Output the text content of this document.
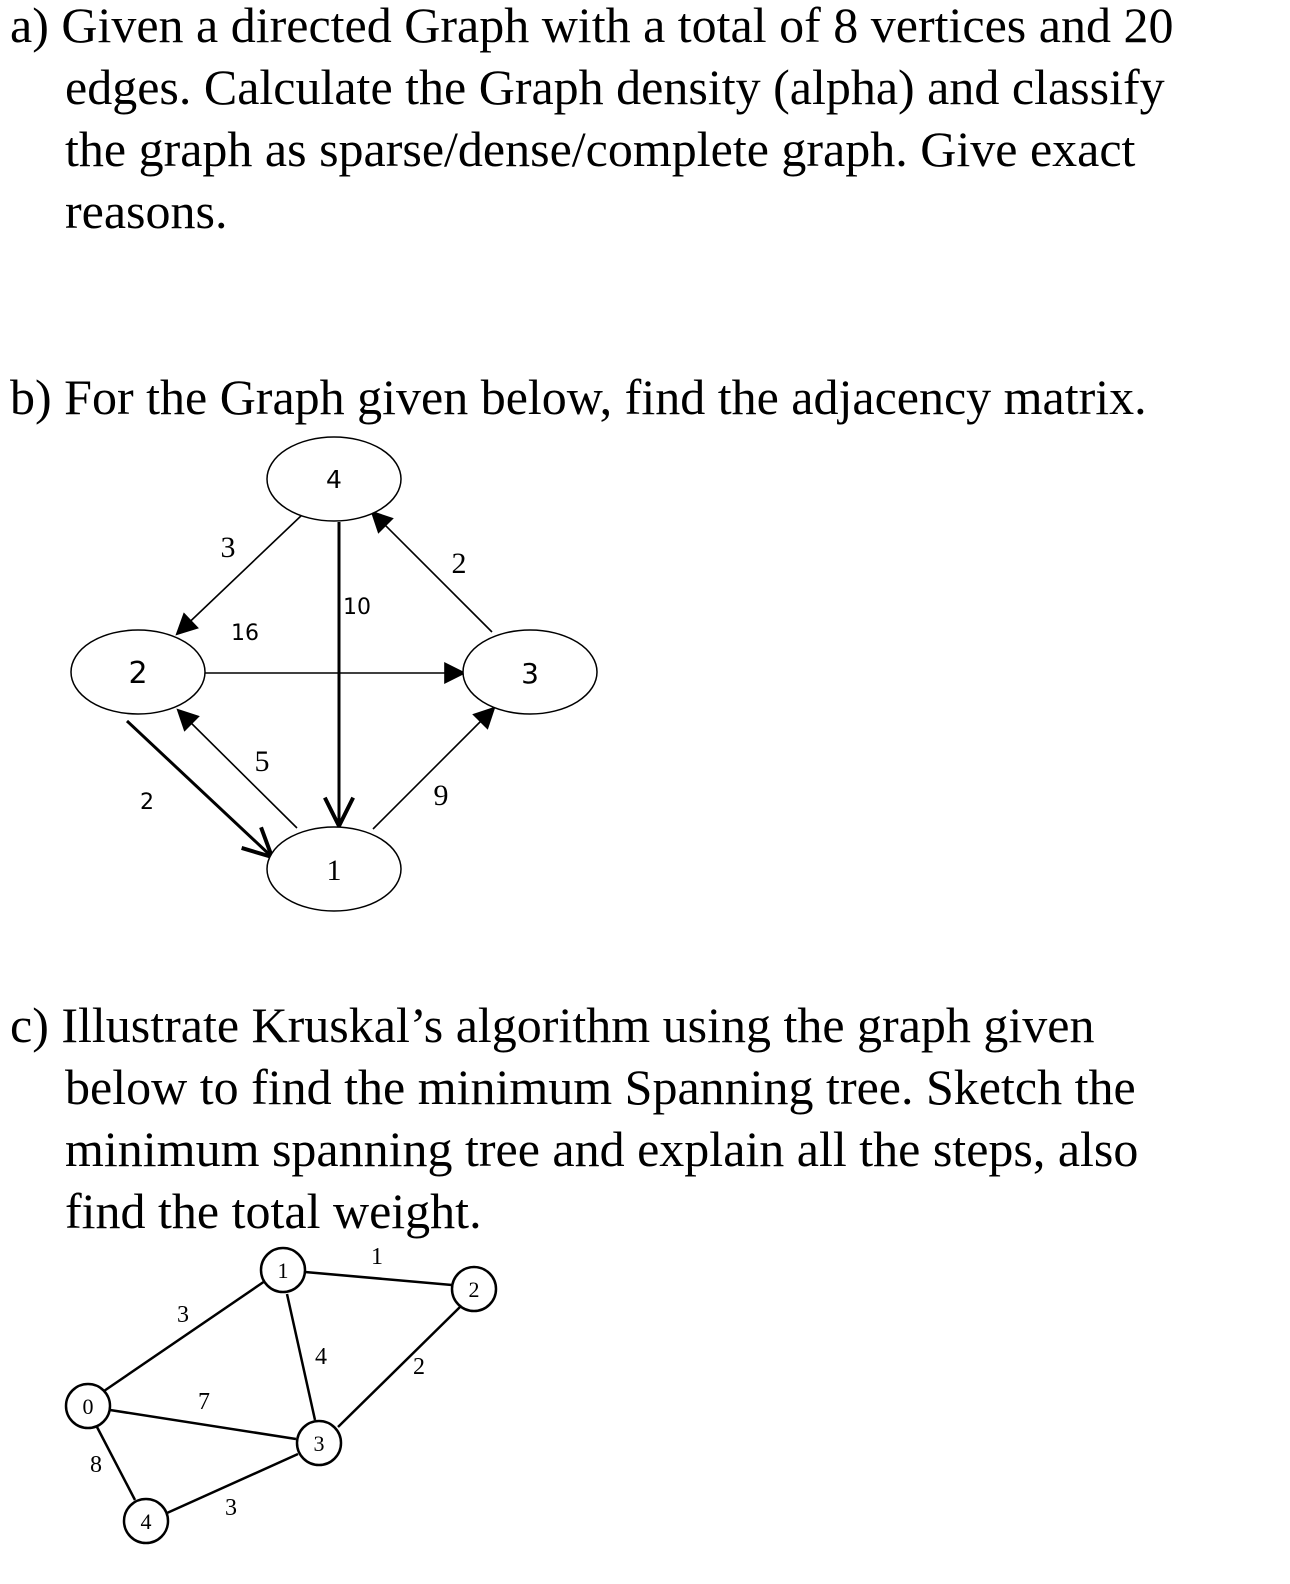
a) Given a directed Graph with a total of 8 vertices and 20
edges. Calculate the Graph density (alpha) and classify
the graph as sparse/dense/complete graph. Give exact
reasons.

b) For the Graph given below, find the adjacency matrix.

c) Illustrate Kruskal’s algorithm using the graph given
below to find the minimum Spanning tree. Sketch the
minimum spanning tree and explain all the steps, also
find the total weight.

3	2
10
16
5
2	9
4
2	3
1
3
1
4	2
7
8
3
0
1
2
3
4
